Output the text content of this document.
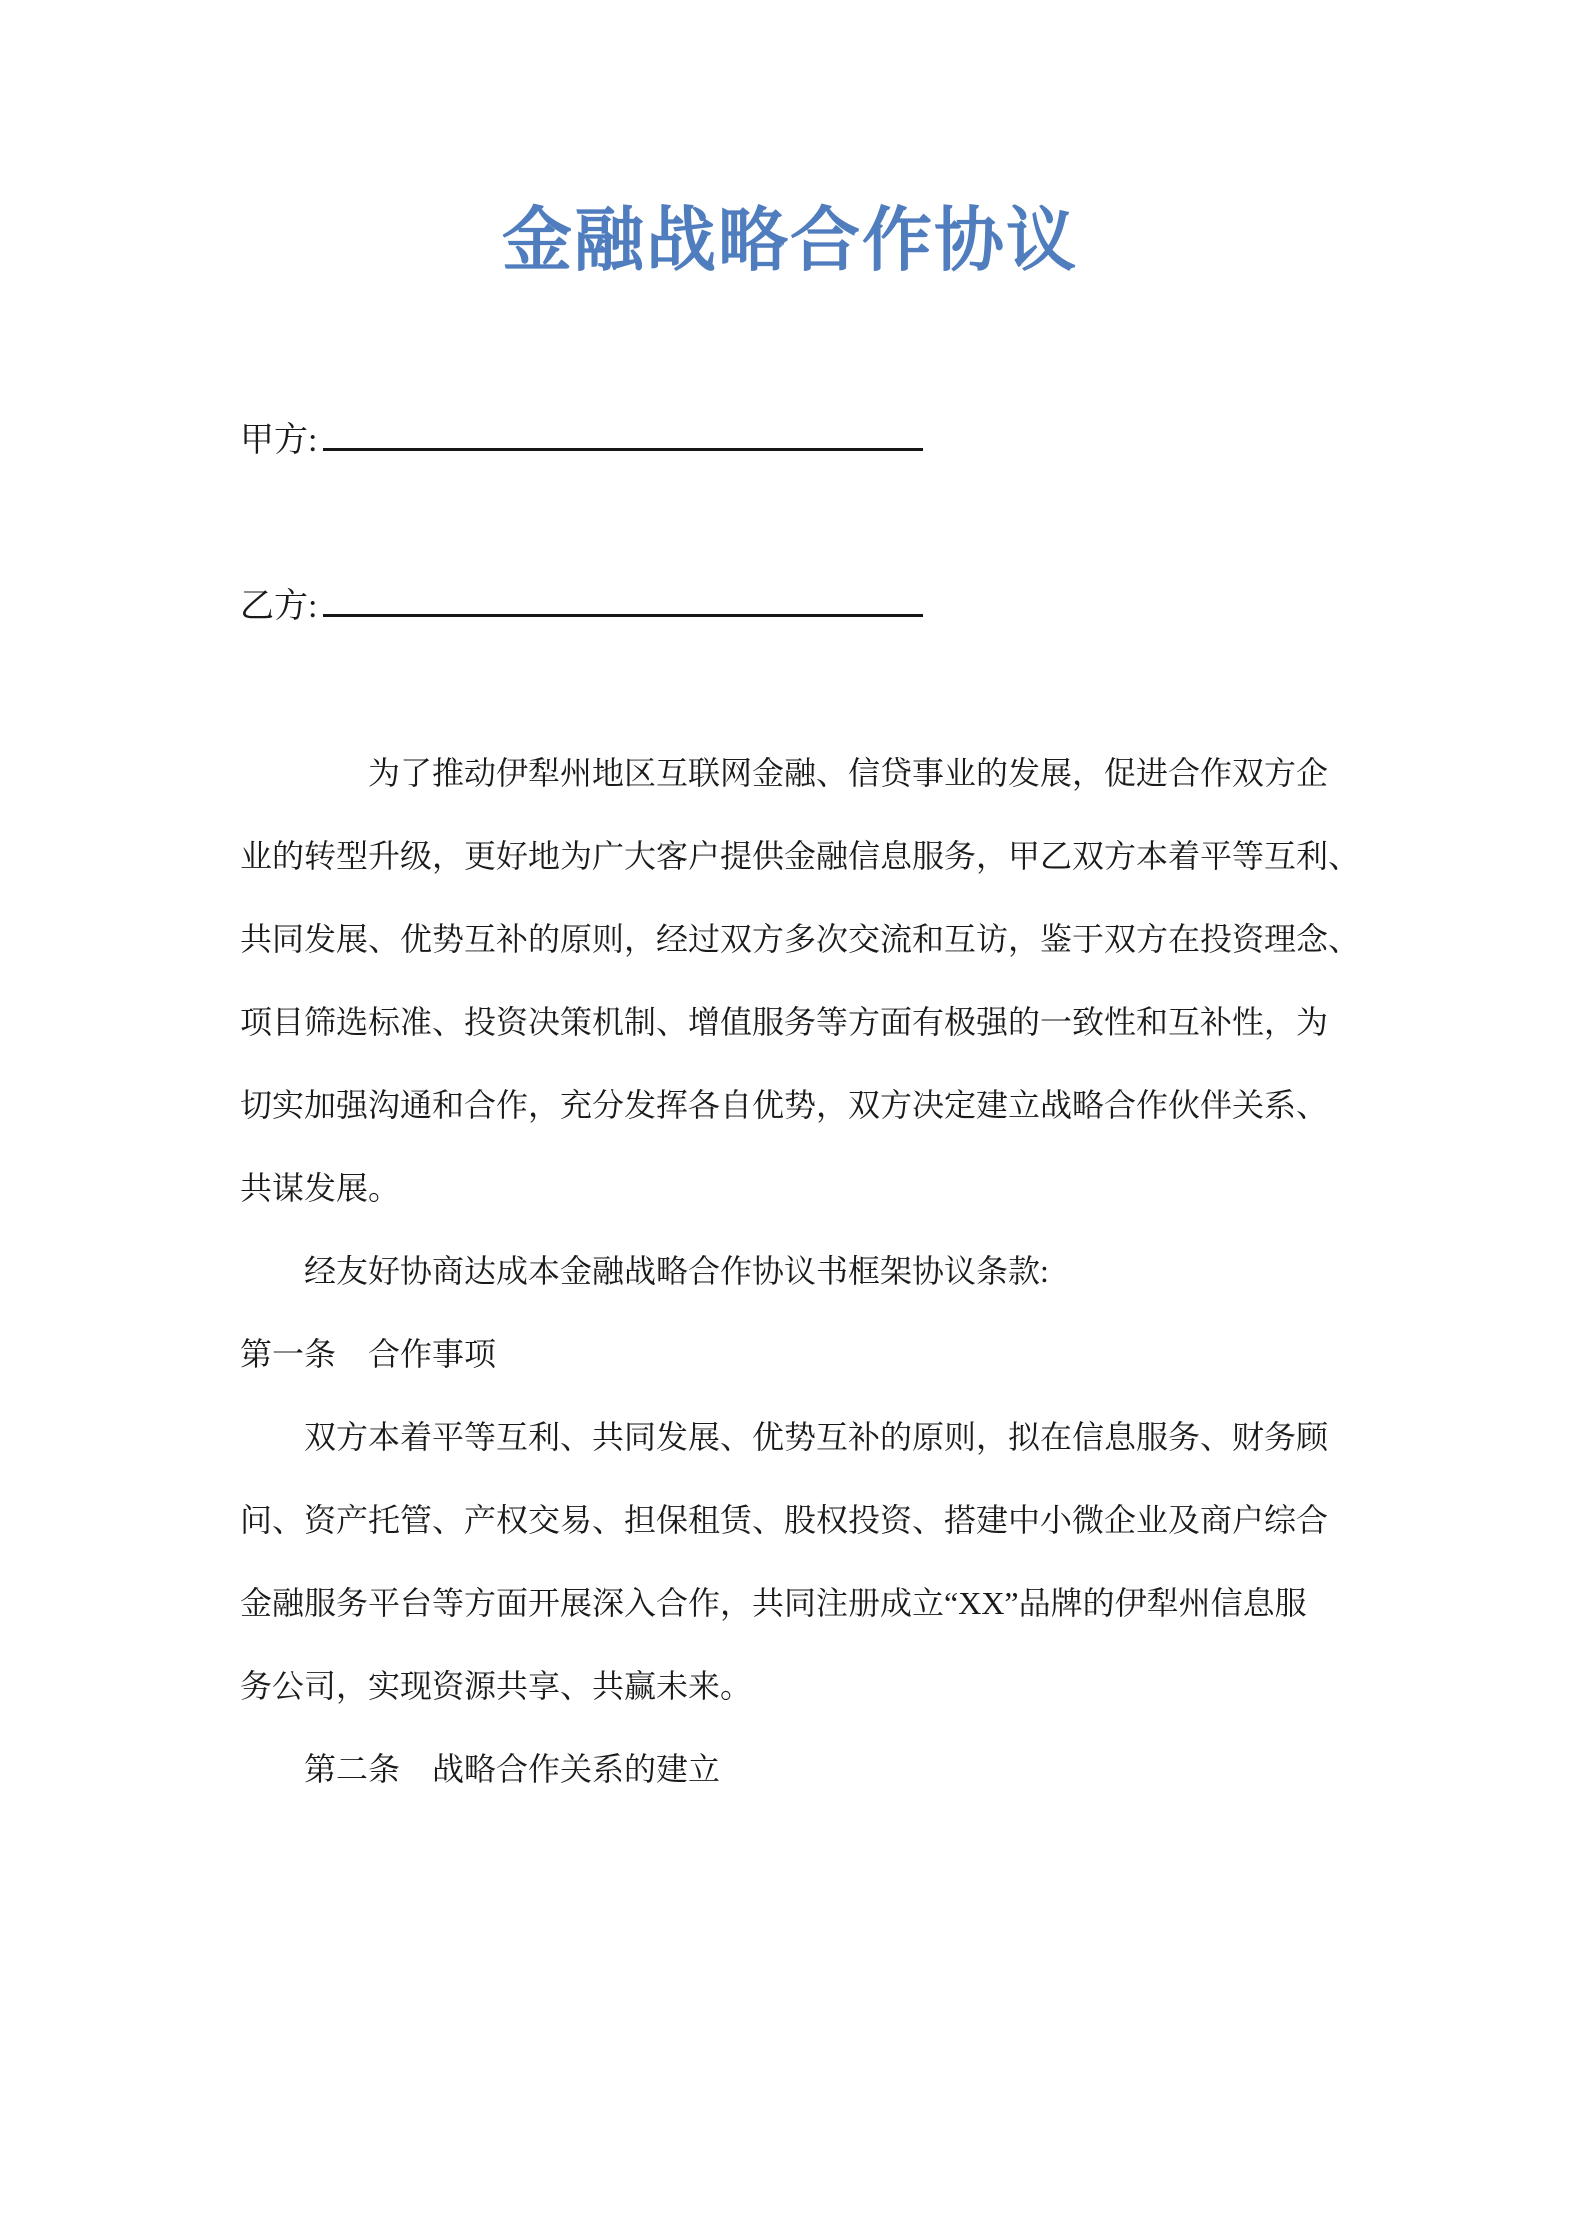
金融战略合作协议
甲方:
乙方:
为了推动伊犁州地区互联网金融、信贷事业的发展，促进合作双方企
业的转型升级，更好地为广大客户提供金融信息服务，甲乙双方本着平等互利、
共同发展、优势互补的原则，经过双方多次交流和互访，鉴于双方在投资理念、
项目筛选标准、投资决策机制、增值服务等方面有极强的一致性和互补性，为
切实加强沟通和合作，充分发挥各自优势，双方决定建立战略合作伙伴关系、
共谋发展。
经友好协商达成本金融战略合作协议书框架协议条款:
第一条　合作事项
双方本着平等互利、共同发展、优势互补的原则，拟在信息服务、财务顾
问、资产托管、产权交易、担保租赁、股权投资、搭建中小微企业及商户综合
金融服务平台等方面开展深入合作，共同注册成立“XX”品牌的伊犁州信息服
务公司，实现资源共享、共赢未来。
第二条　战略合作关系的建立
